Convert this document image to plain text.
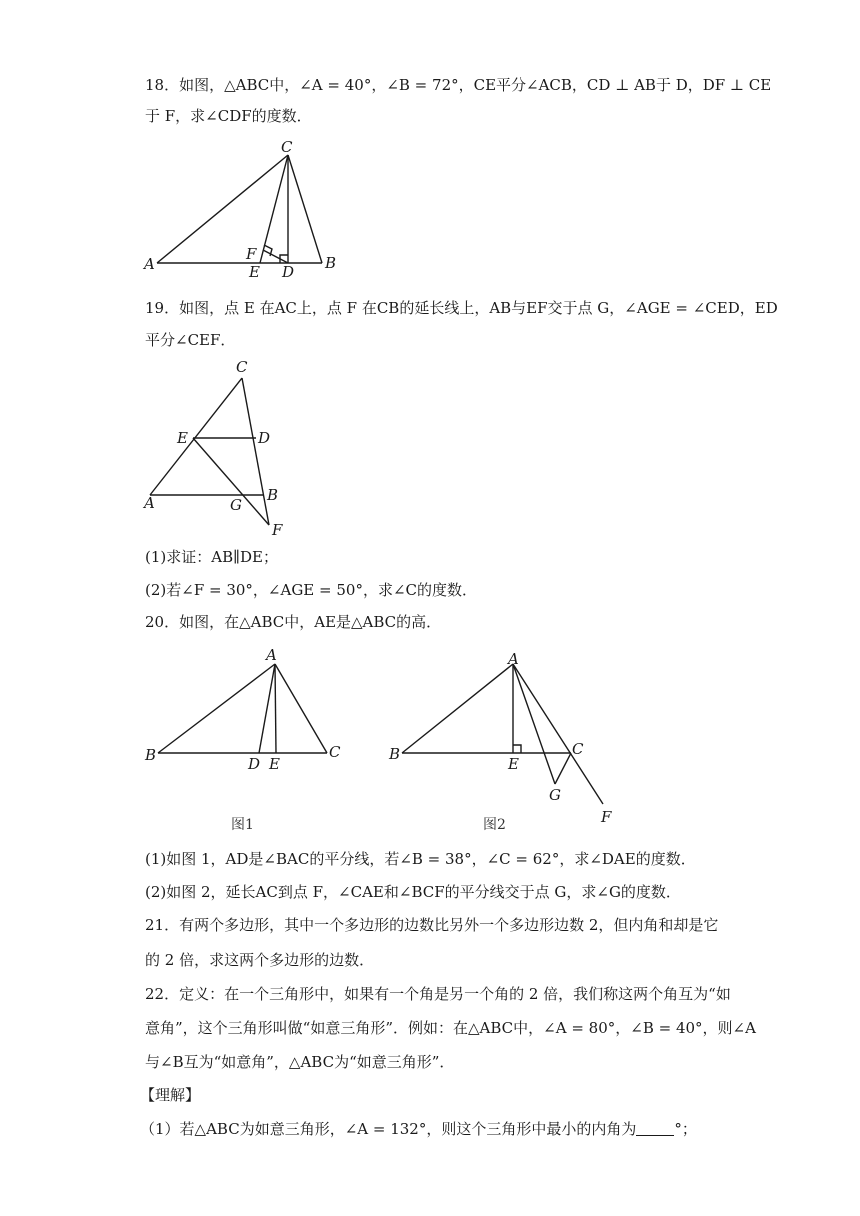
18．如图，△ABC中，∠A = 40°，∠B = 72°，CE平分∠ACB，CD ⊥ AB于 D，DF ⊥ CE
于 F，求∠CDF的度数．
C
A	B
F
E D
19．如图，点 E 在AC上，点 F 在CB的延长线上，AB与EF交于点 G，∠AGE = ∠CED，ED
平分∠CEF．
C
E	D
A	G
B
F
(1)求证：AB∥DE；
(2)若∠F = 30°，∠AGE = 50°，求∠C的度数．
20．如图，在△ABC中，AE是△ABC的高．
A
B	C
D E
图1
A
B	C
E
G
F
图2
(1)如图 1，AD是∠BAC的平分线，若∠B = 38°，∠C = 62°，求∠DAE的度数．
(2)如图 2，延长AC到点 F，∠CAE和∠BCF的平分线交于点 G，求∠G的度数．
21．有两个多边形，其中一个多边形的边数比另外一个多边形边数 2，但内角和却是它
的 2 倍，求这两个多边形的边数．
22．定义：在一个三角形中，如果有一个角是另一个角的 2 倍，我们称这两个角互为“如
意角”，这个三角形叫做“如意三角形”．例如：在△ABC中，∠A = 80°，∠B = 40°，则∠A
与∠B互为“如意角”，△ABC为“如意三角形”．
【理解】
（1）若△ABC为如意三角形，∠A = 132°，则这个三角形中最小的内角为	°；
